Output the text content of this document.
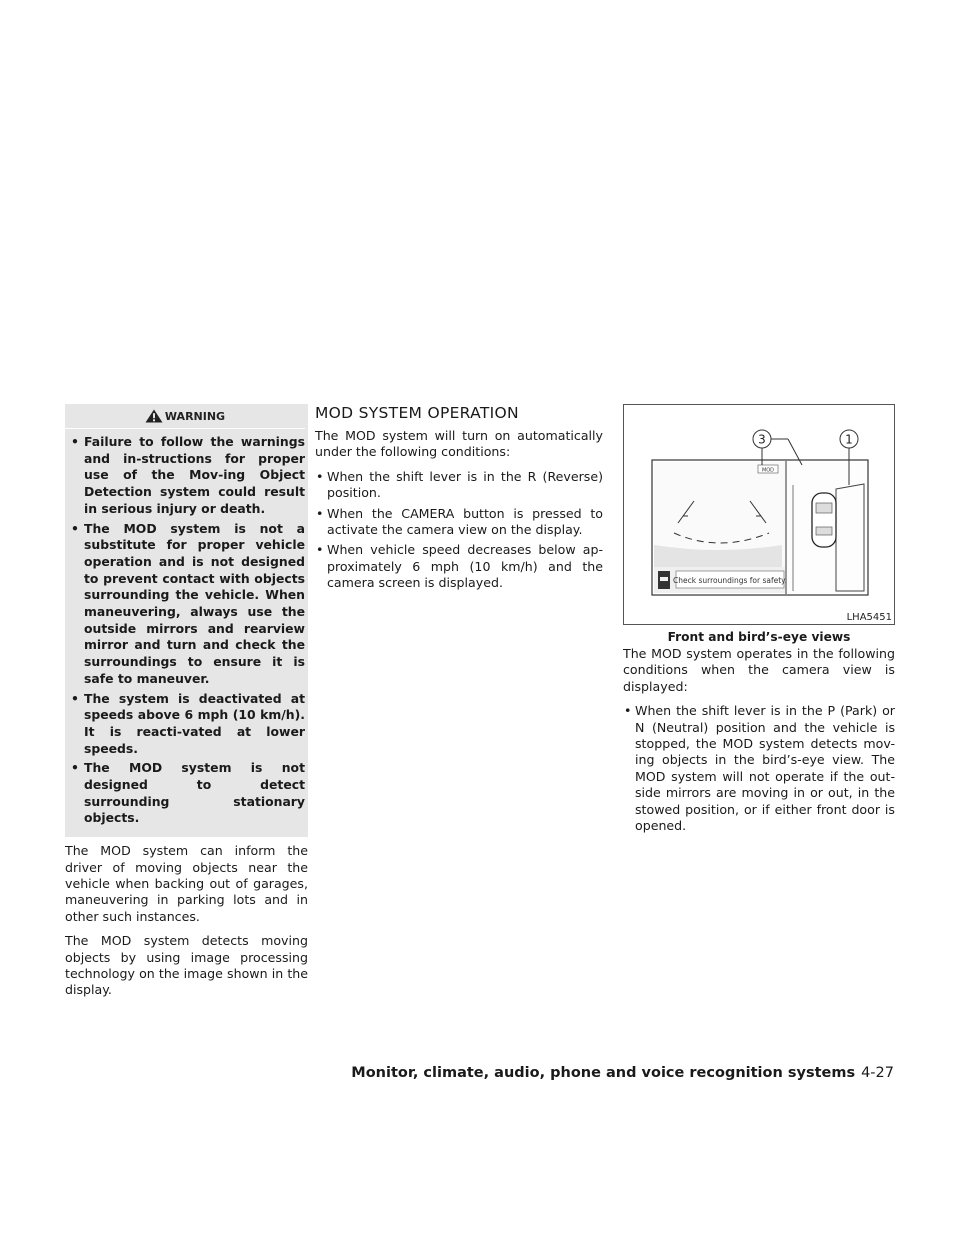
WARNING
• Failure to follow the warnings and in-structions for proper use of the Mov-ing Object Detection system could result in serious injury or death.
• The MOD system is not a substitute for proper vehicle operation and is not designed to prevent contact with objects surrounding the vehicle. When maneuvering, always use the outside mirrors and rearview mirror and turn and check the surroundings to ensure it is safe to maneuver.
• The system is deactivated at speeds above 6 mph (10 km/h). It is reacti-vated at lower speeds.
• The MOD system is not designed to detect surrounding stationary objects.

The MOD system can inform the driver of moving objects near the vehicle when backing out of garages, maneuvering in parking lots and in other such instances.

The MOD system detects moving objects by using image processing technology on the image shown in the display.

MOD SYSTEM OPERATION

The MOD system will turn on automatically under the following conditions:

• When the shift lever is in the R (Reverse) position.
• When the CAMERA button is pressed to activate the camera view on the display.
• When vehicle speed decreases below ap-proximately 6 mph (10 km/h) and the camera screen is displayed.	Check surroundings for safety.
MOD
3	1
LHA5451
Front and bird’s-eye views

The MOD system operates in the following conditions when the camera view is displayed:

• When the shift lever is in the P (Park) or N (Neutral) position and the vehicle is stopped, the MOD system detects mov-ing objects in the bird’s-eye view. The MOD system will not operate if the out-side mirrors are moving in or out, in the stowed position, or if either front door is opened.
Monitor, climate, audio, phone and voice recognition systems 4-27
